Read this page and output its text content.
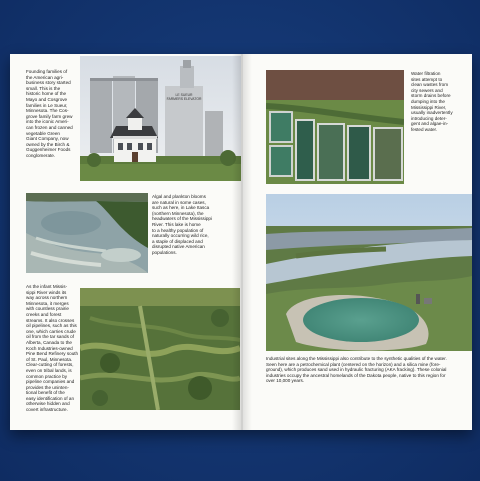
Founding families of
the American agri-
business story started
small. This is the
historic home of the
Mayo and Cosgrove
families in Le Sueur,
Minnesota. The Cos-
grove family farm grew
into the iconic Ameri-
can frozen and canned
vegetable Green
Giant Company, now
owned by the Birch &
Guggenheimer Foods
conglomerate.
LE SUEUR FARMERS ELEVATOR
Algal and plankton blooms
are natural in some cases,
such as here, in Lake Itasca
(northern Minnesota), the
headwaters of the Mississippi
River. This lake is home
to a healthy population of
naturally occurring wild rice,
a staple of displaced and
disrupted native American
populations.
As the infant Missis-
sippi River winds its
way across northern
Minnesota, it merges
with countless prairie
creeks and forest
streams. It also crosses
oil pipelines, such as this
one, which carries crude
oil from the tar sands of
Alberta, Canada to the
Koch Industries-owned
Pine Bend Refinery south
of St. Paul, Minnesota.
Clear-cutting of forests,
even on tribal lands, is
common practice by
pipeline companies and
provides the uninten-
tional benefit of the
easy identification of an
otherwise hidden and
covert infrastructure.
Water filtration
sites attempt to
clean wastes from
city sewers and
storm drains before
dumping into the
Mississippi River,
usually inadvertently
introducing deter-
gent and algae-in-
fested water.
Industrial sites along the Mississippi also contribute to the synthetic qualities of the water.
Seen here are a petrochemical plant (centered on the horizon) and a silica mine (fore-
ground), which produces sand used in hydraulic fracturing (AKA fracking). These colonial
industries occupy the ancestral homelands of the Dakota people, native to this region for
over 10,000 years.
